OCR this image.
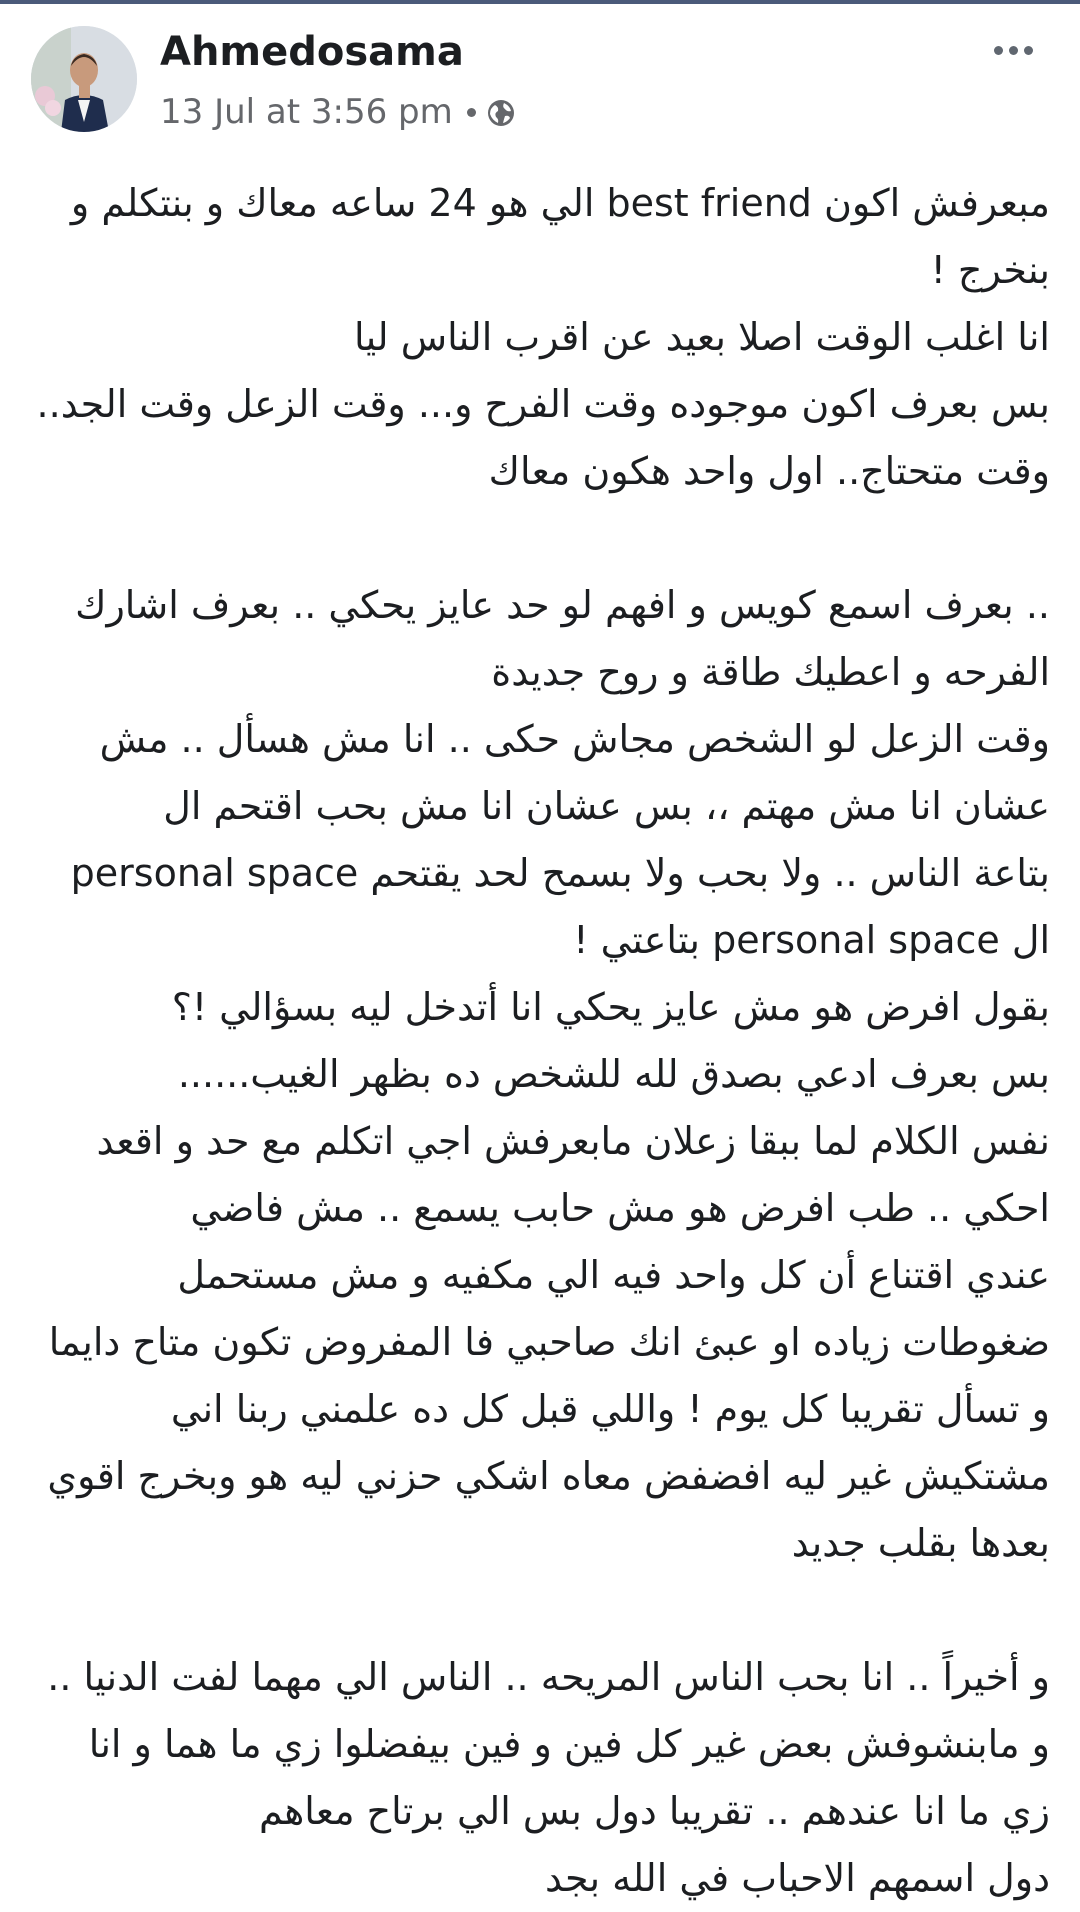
Ahmedosama
13 Jul at 3:56 pm
مبعرفش اكون best friend الي هو 24 ساعه معاك و بنتكلم و
بنخرج !
انا اغلب الوقت اصلا بعيد عن اقرب الناس ليا
بس بعرف اكون موجوده وقت الفرح و... وقت الزعل وقت الجد..
وقت متحتاج.. اول واحد هكون معاك
.. بعرف اسمع كويس و افهم لو حد عايز يحكي .. بعرف اشارك
الفرحه و اعطيك طاقة و روح جديدة
وقت الزعل لو الشخص مجاش حكى .. انا مش هسأل .. مش
عشان انا مش مهتم ،، بس عشان انا مش بحب اقتحم ال
personal space بتاعة الناس .. ولا بحب ولا بسمح لحد يقتحم
ال personal space بتاعتي !
بقول افرض هو مش عايز يحكي انا أتدخل ليه بسؤالي !؟
بس بعرف ادعي بصدق لله للشخص ده بظهر الغيب......
نفس الكلام لما ببقا زعلان مابعرفش اجي اتكلم مع حد و اقعد
احكي .. طب افرض هو مش حابب يسمع .. مش فاضي
عندي اقتناع أن كل واحد فيه الي مكفيه و مش مستحمل
ضغوطات زياده او عبئ انك صاحبي فا المفروض تكون متاح دايما
و تسأل تقريبا كل يوم ! واللي قبل كل ده علمني ربنا اني
مشتكيش غير ليه افضفض معاه اشكي حزني ليه هو وبخرج اقوي
بعدها بقلب جديد
و أخيراً .. انا بحب الناس المريحه .. الناس الي مهما لفت الدنيا ..
و مابنشوفش بعض غير كل فين و فين بيفضلوا زي ما هما و انا
زي ما انا عندهم .. تقريبا دول بس الي برتاح معاهم
دول اسمهم الاحباب في الله بجد
